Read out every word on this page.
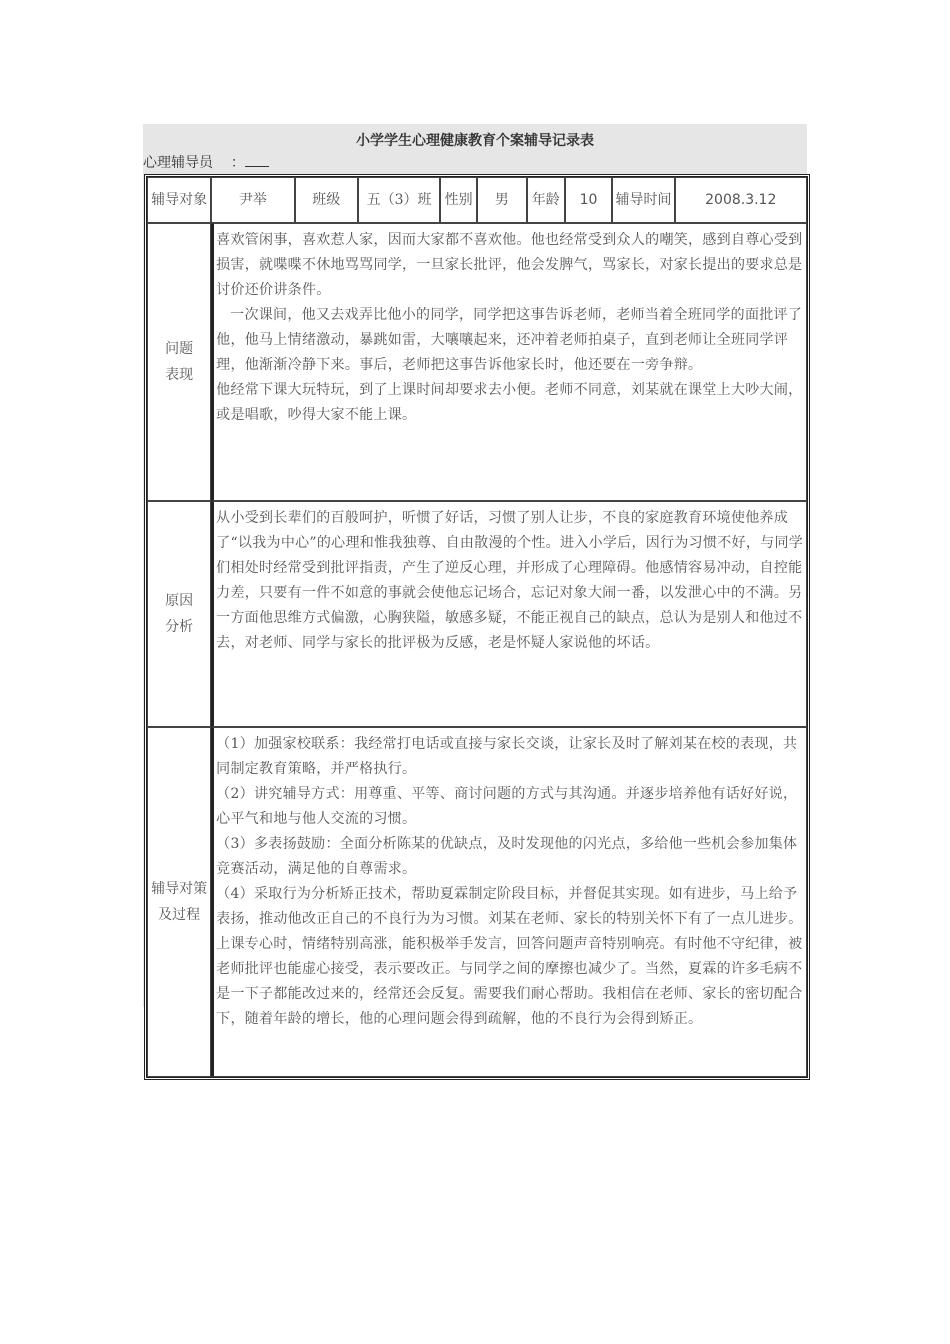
小学学生心理健康教育个案辅导记录表
心理辅导员 ：
辅导对象	尹举	班级	五（3）班	性别	男	年龄	10	辅导时间	2008.3.12

问题表现	喜欢管闲事，喜欢惹人家，因而大家都不喜欢他。他也经常受到众人的嘲笑，感到自尊心受到损害，就喋喋不休地骂骂同学，一旦家长批评，他会发脾气，骂家长，对家长提出的要求总是讨价还价讲条件。

一次课间，他又去戏弄比他小的同学，同学把这事告诉老师，老师当着全班同学的面批评了他，他马上情绪激动，暴跳如雷，大嚷嚷起来，还冲着老师拍桌子，直到老师让全班同学评理，他渐渐冷静下来。事后，老师把这事告诉他家长时，他还要在一旁争辩。

他经常下课大玩特玩，到了上课时间却要求去小便。老师不同意，刘某就在课堂上大吵大闹，或是唱歌，吵得大家不能上课。								

原因分析	从小受到长辈们的百般呵护，听惯了好话，习惯了别人让步，不良的家庭教育环境使他养成了“以我为中心”的心理和惟我独尊、自由散漫的个性。进入小学后，因行为习惯不好，与同学们相处时经常受到批评指责，产生了逆反心理，并形成了心理障碍。他感情容易冲动，自控能力差，只要有一件不如意的事就会使他忘记场合，忘记对象大闹一番，以发泄心中的不满。另一方面他思维方式偏激，心胸狭隘，敏感多疑，不能正视自己的缺点，总认为是别人和他过不去，对老师、同学与家长的批评极为反感，老是怀疑人家说他的坏话。								

辅导对策及过程	（1）加强家校联系：我经常打电话或直接与家长交谈，让家长及时了解刘某在校的表现，共同制定教育策略，并严格执行。

（2）讲究辅导方式：用尊重、平等、商讨问题的方式与其沟通。并逐步培养他有话好好说，心平气和地与他人交流的习惯。

（3）多表扬鼓励：全面分析陈某的优缺点，及时发现他的闪光点，多给他一些机会参加集体竞赛活动，满足他的自尊需求。

（4）采取行为分析矫正技术，帮助夏霖制定阶段目标，并督促其实现。如有进步，马上给予表扬，推动他改正自己的不良行为为习惯。刘某在老师、家长的特别关怀下有了一点儿进步。上课专心时，情绪特别高涨，能积极举手发言，回答问题声音特别响亮。有时他不守纪律，被老师批评也能虚心接受，表示要改正。与同学之间的摩擦也减少了。当然，夏霖的许多毛病不是一下子都能改过来的，经常还会反复。需要我们耐心帮助。我相信在老师、家长的密切配合下，随着年龄的增长，他的心理问题会得到疏解，他的不良行为会得到矫正。								
